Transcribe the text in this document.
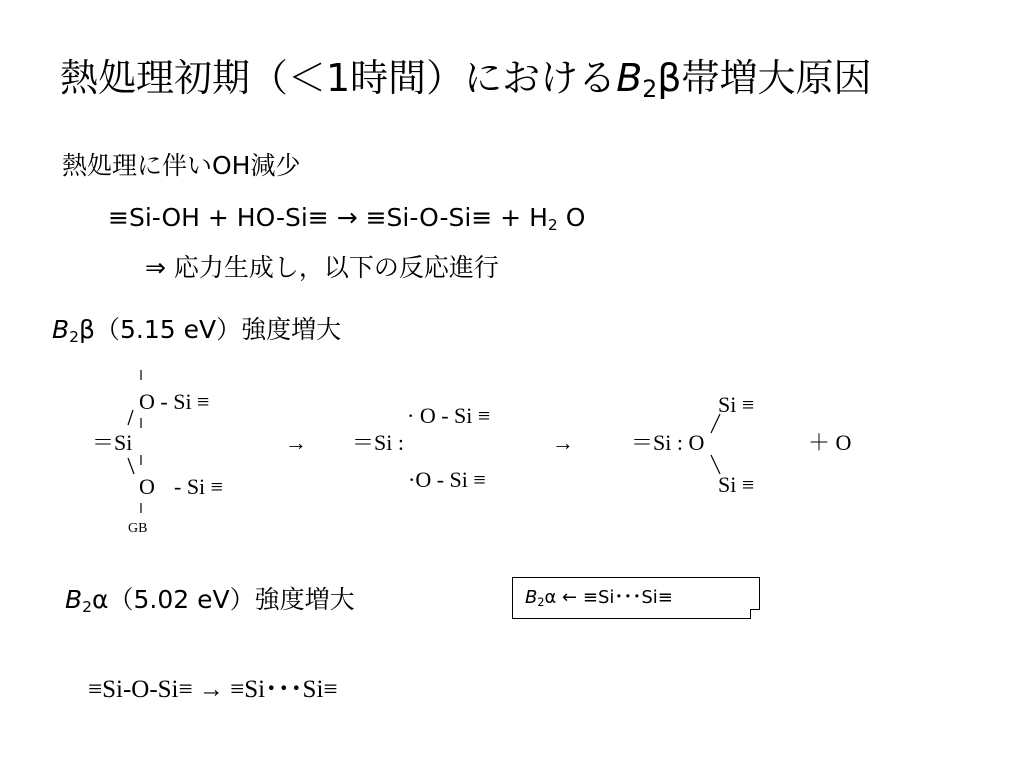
熱処理初期（＜1時間）における$B_2\beta$帯増大原因
熱処理に伴いOH減少
$\equiv Si-OH + HO-Si\equiv \to \equiv Si-O-Si\equiv + H_2$ O
⇒ 応力生成し，以下の反応進行
$B_2\beta(5.15$ eV）強度増大
O - Si ≡
＝Si
O - Si ≡
GB
→
· O - Si ≡
＝Si :
·O - Si ≡
→
Si ≡
＝Si : O
Si ≡
＋ O
$B_2\alpha(5.02$ eV）強度増大	$B_2\alpha$ ← ≡Si･･･Si≡
≡Si-O-Si≡ → ≡Si･･･Si≡
